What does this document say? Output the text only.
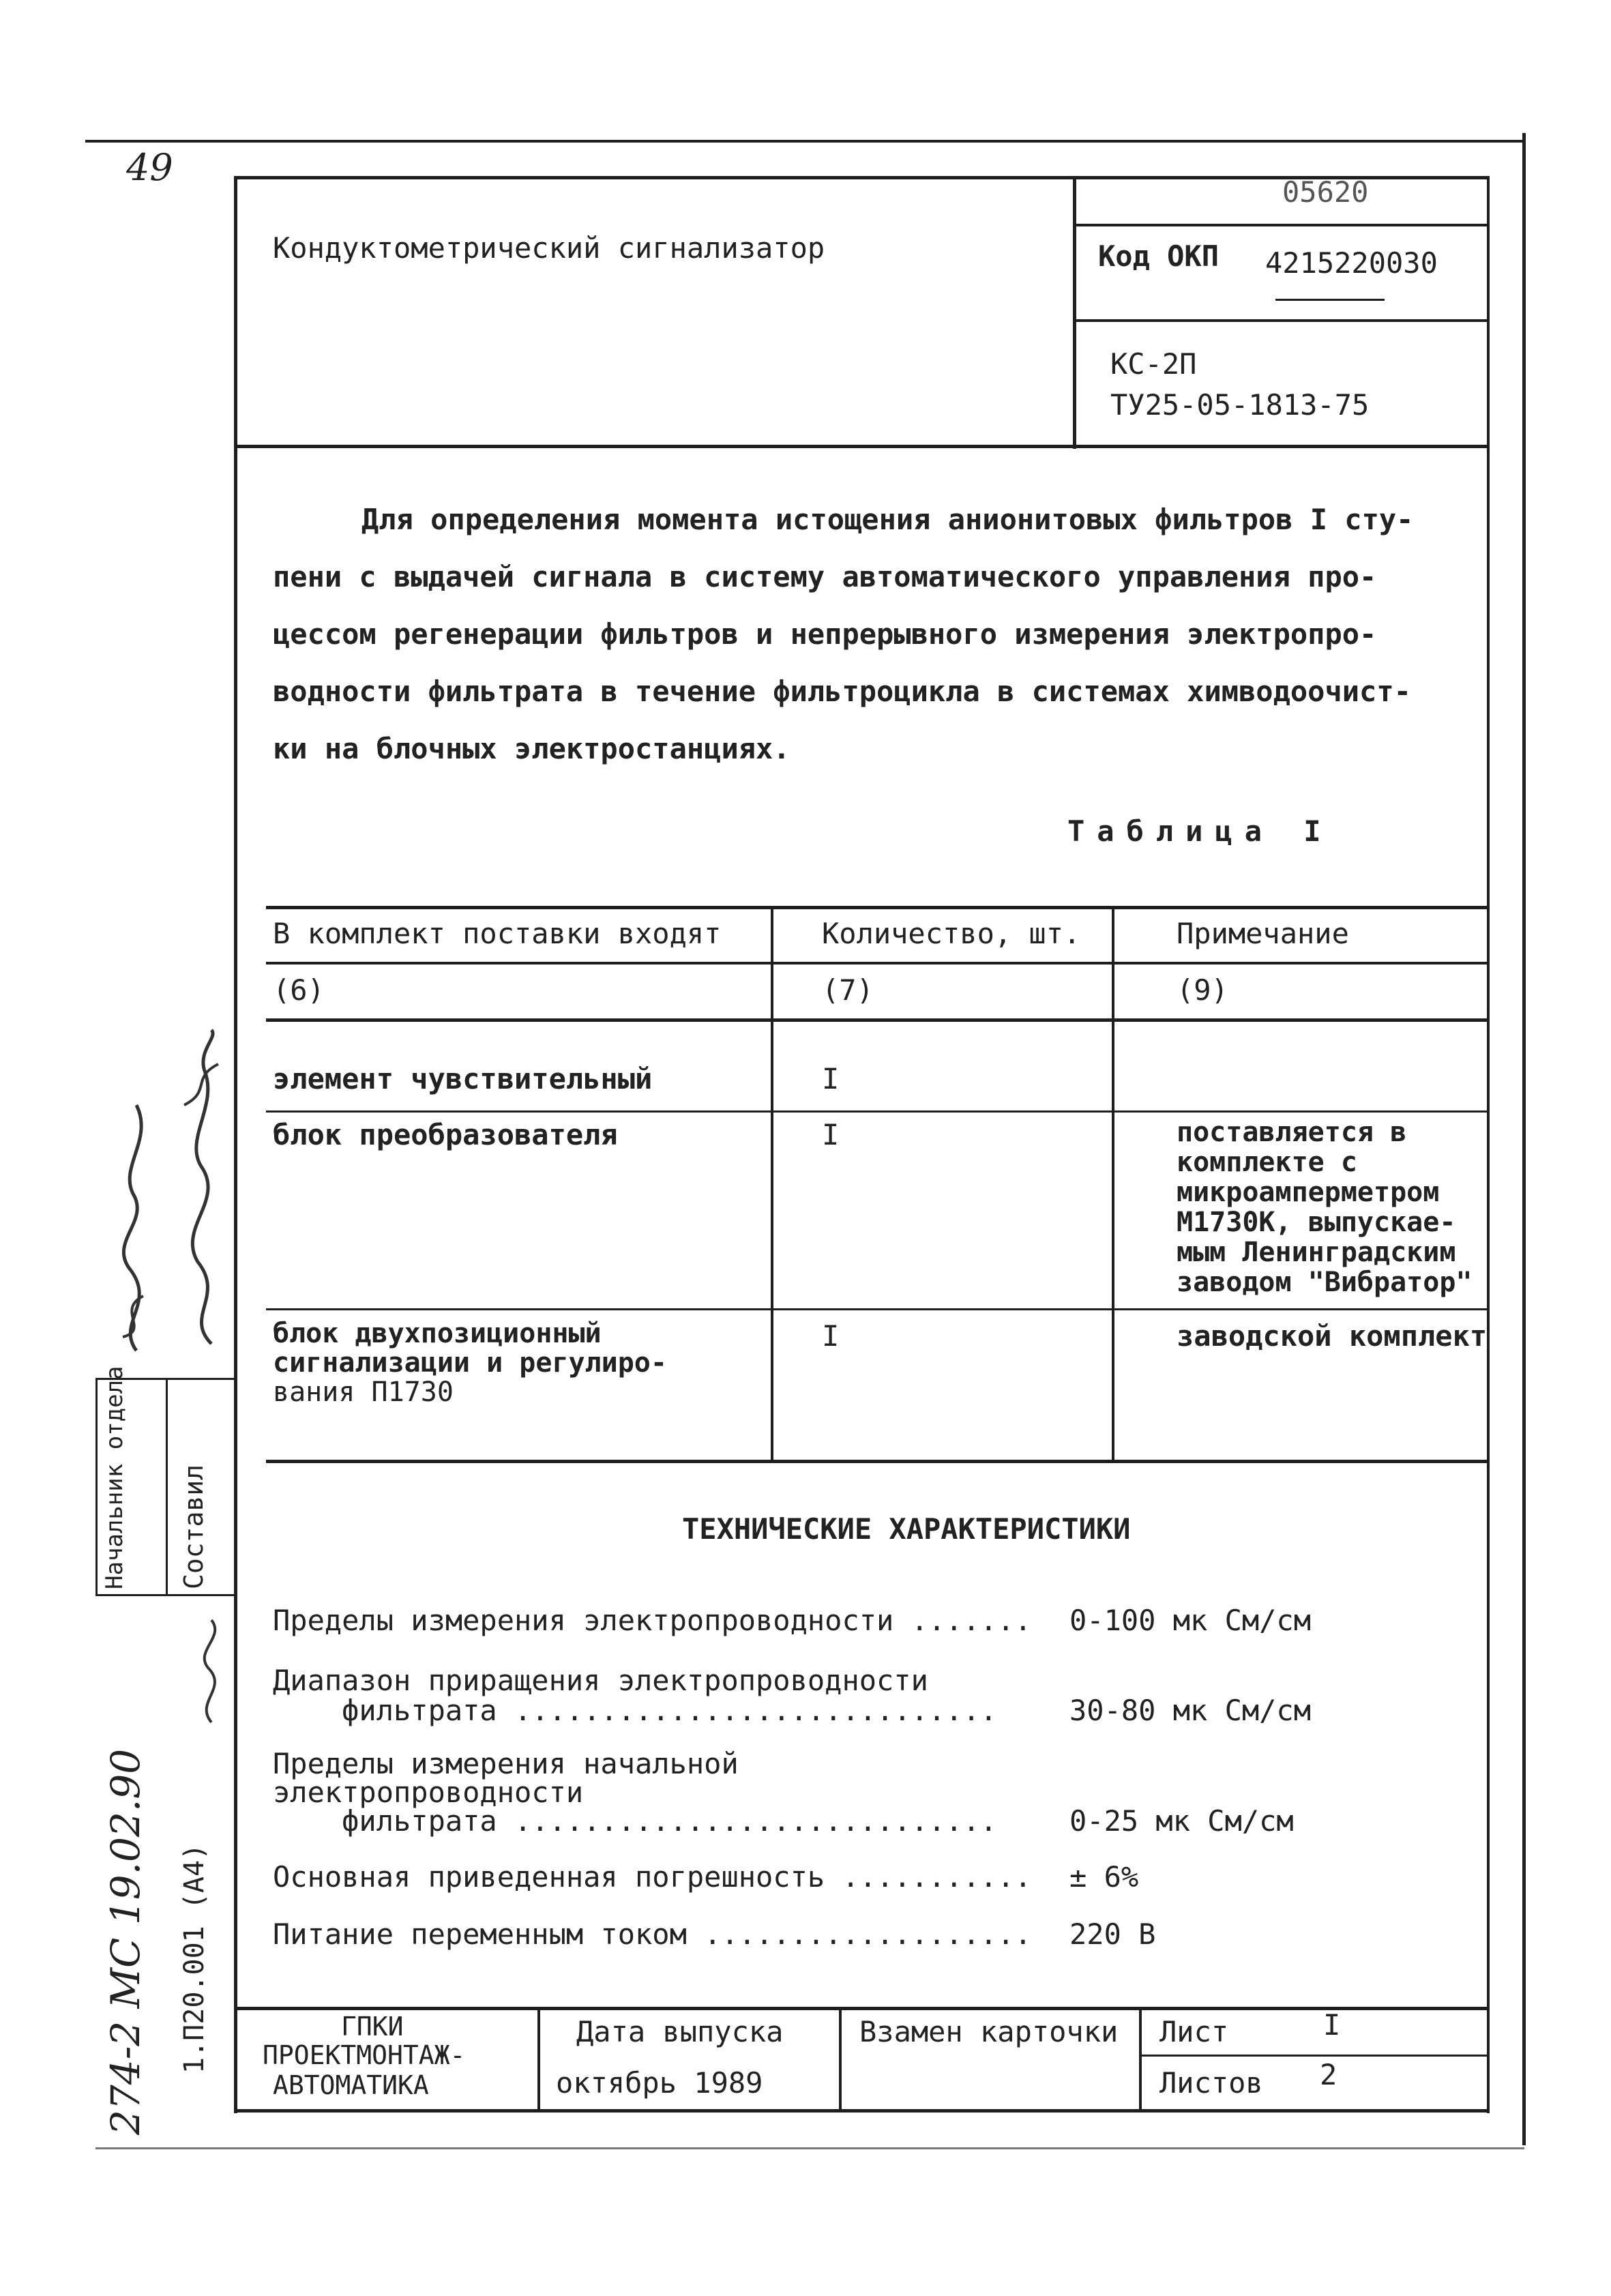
49
Кондуктометрический сигнализатор
05620
Код ОКП 4215220030
КС-2П
ТУ25-05-1813-75
Для определения момента истощения анионитовых фильтров I сту-
пени с выдачей сигнала в систему автоматического управления про-
цессом регенерации фильтров и непрерывного измерения электропро-
водности фильтрата в течение фильтроцикла в системах химводоочист-
ки на блочных электростанциях.
Таблица I
В комплект поставки входят	Количество, шт.	Примечание
(6)	(7)	(9)
элемент чувствительный	I
блок преобразователя	I	поставляется в
комплекте с
микроамперметром
М1730К, выпускае-
мым Ленинградским
заводом "Вибратор"
блок двухпозиционный
сигнализации и регулиро-
вания П1730
I	заводской комплект
ТЕХНИЧЕСКИЕ ХАРАКТЕРИСТИКИ
Пределы измерения электропроводности ....... 0-100 мк См/см
Диапазон приращения электропроводности
фильтрата ............................	30-80 мк См/см
Пределы измерения начальной
электропроводности
фильтрата ............................	0-25 мк См/см
Основная приведенная погрешность ........... ± 6%
Питание переменным током ................... 220 В
ГПКИ
ПРОЕКТМОНТАЖ-
АВТОМАТИКА
Дата выпуска
октябрь 1989
Взамен карточки Лист	I
Листов 2
Начальник отдела Составил
1.П20.001 (А4)
274-2 МС 19.02.90
